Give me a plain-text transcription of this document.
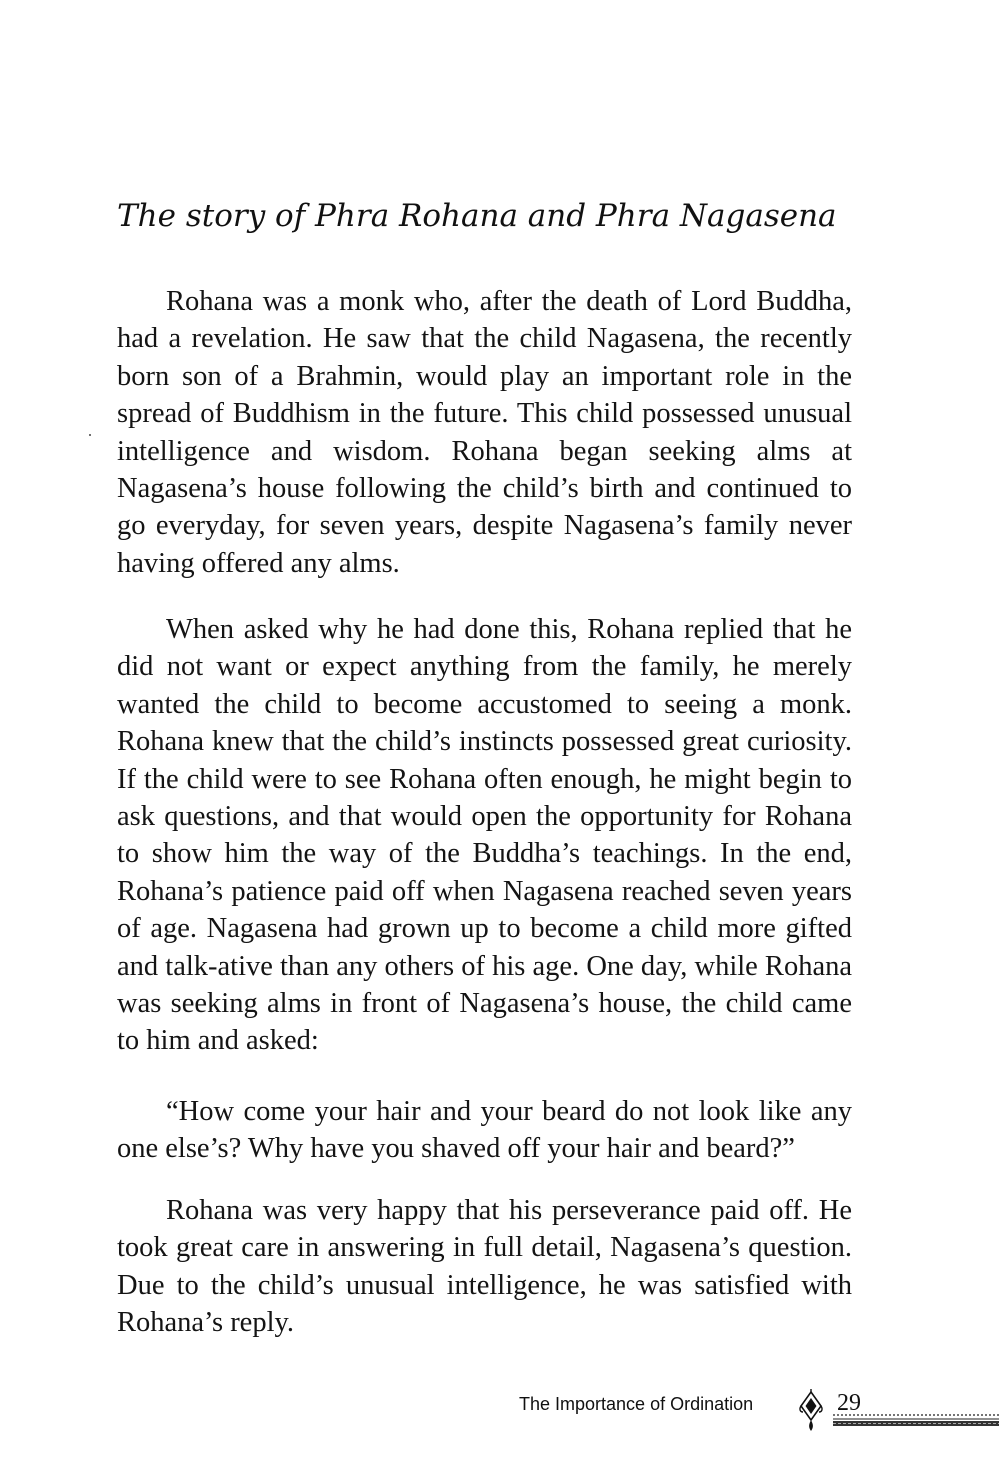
The story of Phra Rohana and Phra Nagasena

Rohana was a monk who, after the death of Lord Buddha, had a revelation. He saw that the child Nagasena, the recently born son of a Brahmin, would play an important role in the spread of Buddhism in the future. This child possessed unusual intelligence and wisdom. Rohana began seeking alms at Nagasena’s house following the child’s birth and continued to go everyday, for seven years, despite Nagasena’s family never having offered any alms.

When asked why he had done this, Rohana replied that he did not want or expect anything from the family, he merely wanted the child to become accustomed to seeing a monk. Rohana knew that the child’s instincts possessed great curiosity. If the child were to see Rohana often enough, he might begin to ask questions, and that would open the opportunity for Rohana to show him the way of the Buddha’s teachings. In the end, Rohana’s patience paid off when Nagasena reached seven years of age. Nagasena had grown up to become a child more gifted and talk-ative than any others of his age. One day, while Rohana was seeking alms in front of Nagasena’s house, the child came to him and asked:

“How come your hair and your beard do not look like any one else’s? Why have you shaved off your hair and beard?”

Rohana was very happy that his perseverance paid off. He took great care in answering in full detail, Nagasena’s question. Due to the child’s unusual intelligence, he was satisfied with Rohana’s reply.

The Importance of Ordination	29
